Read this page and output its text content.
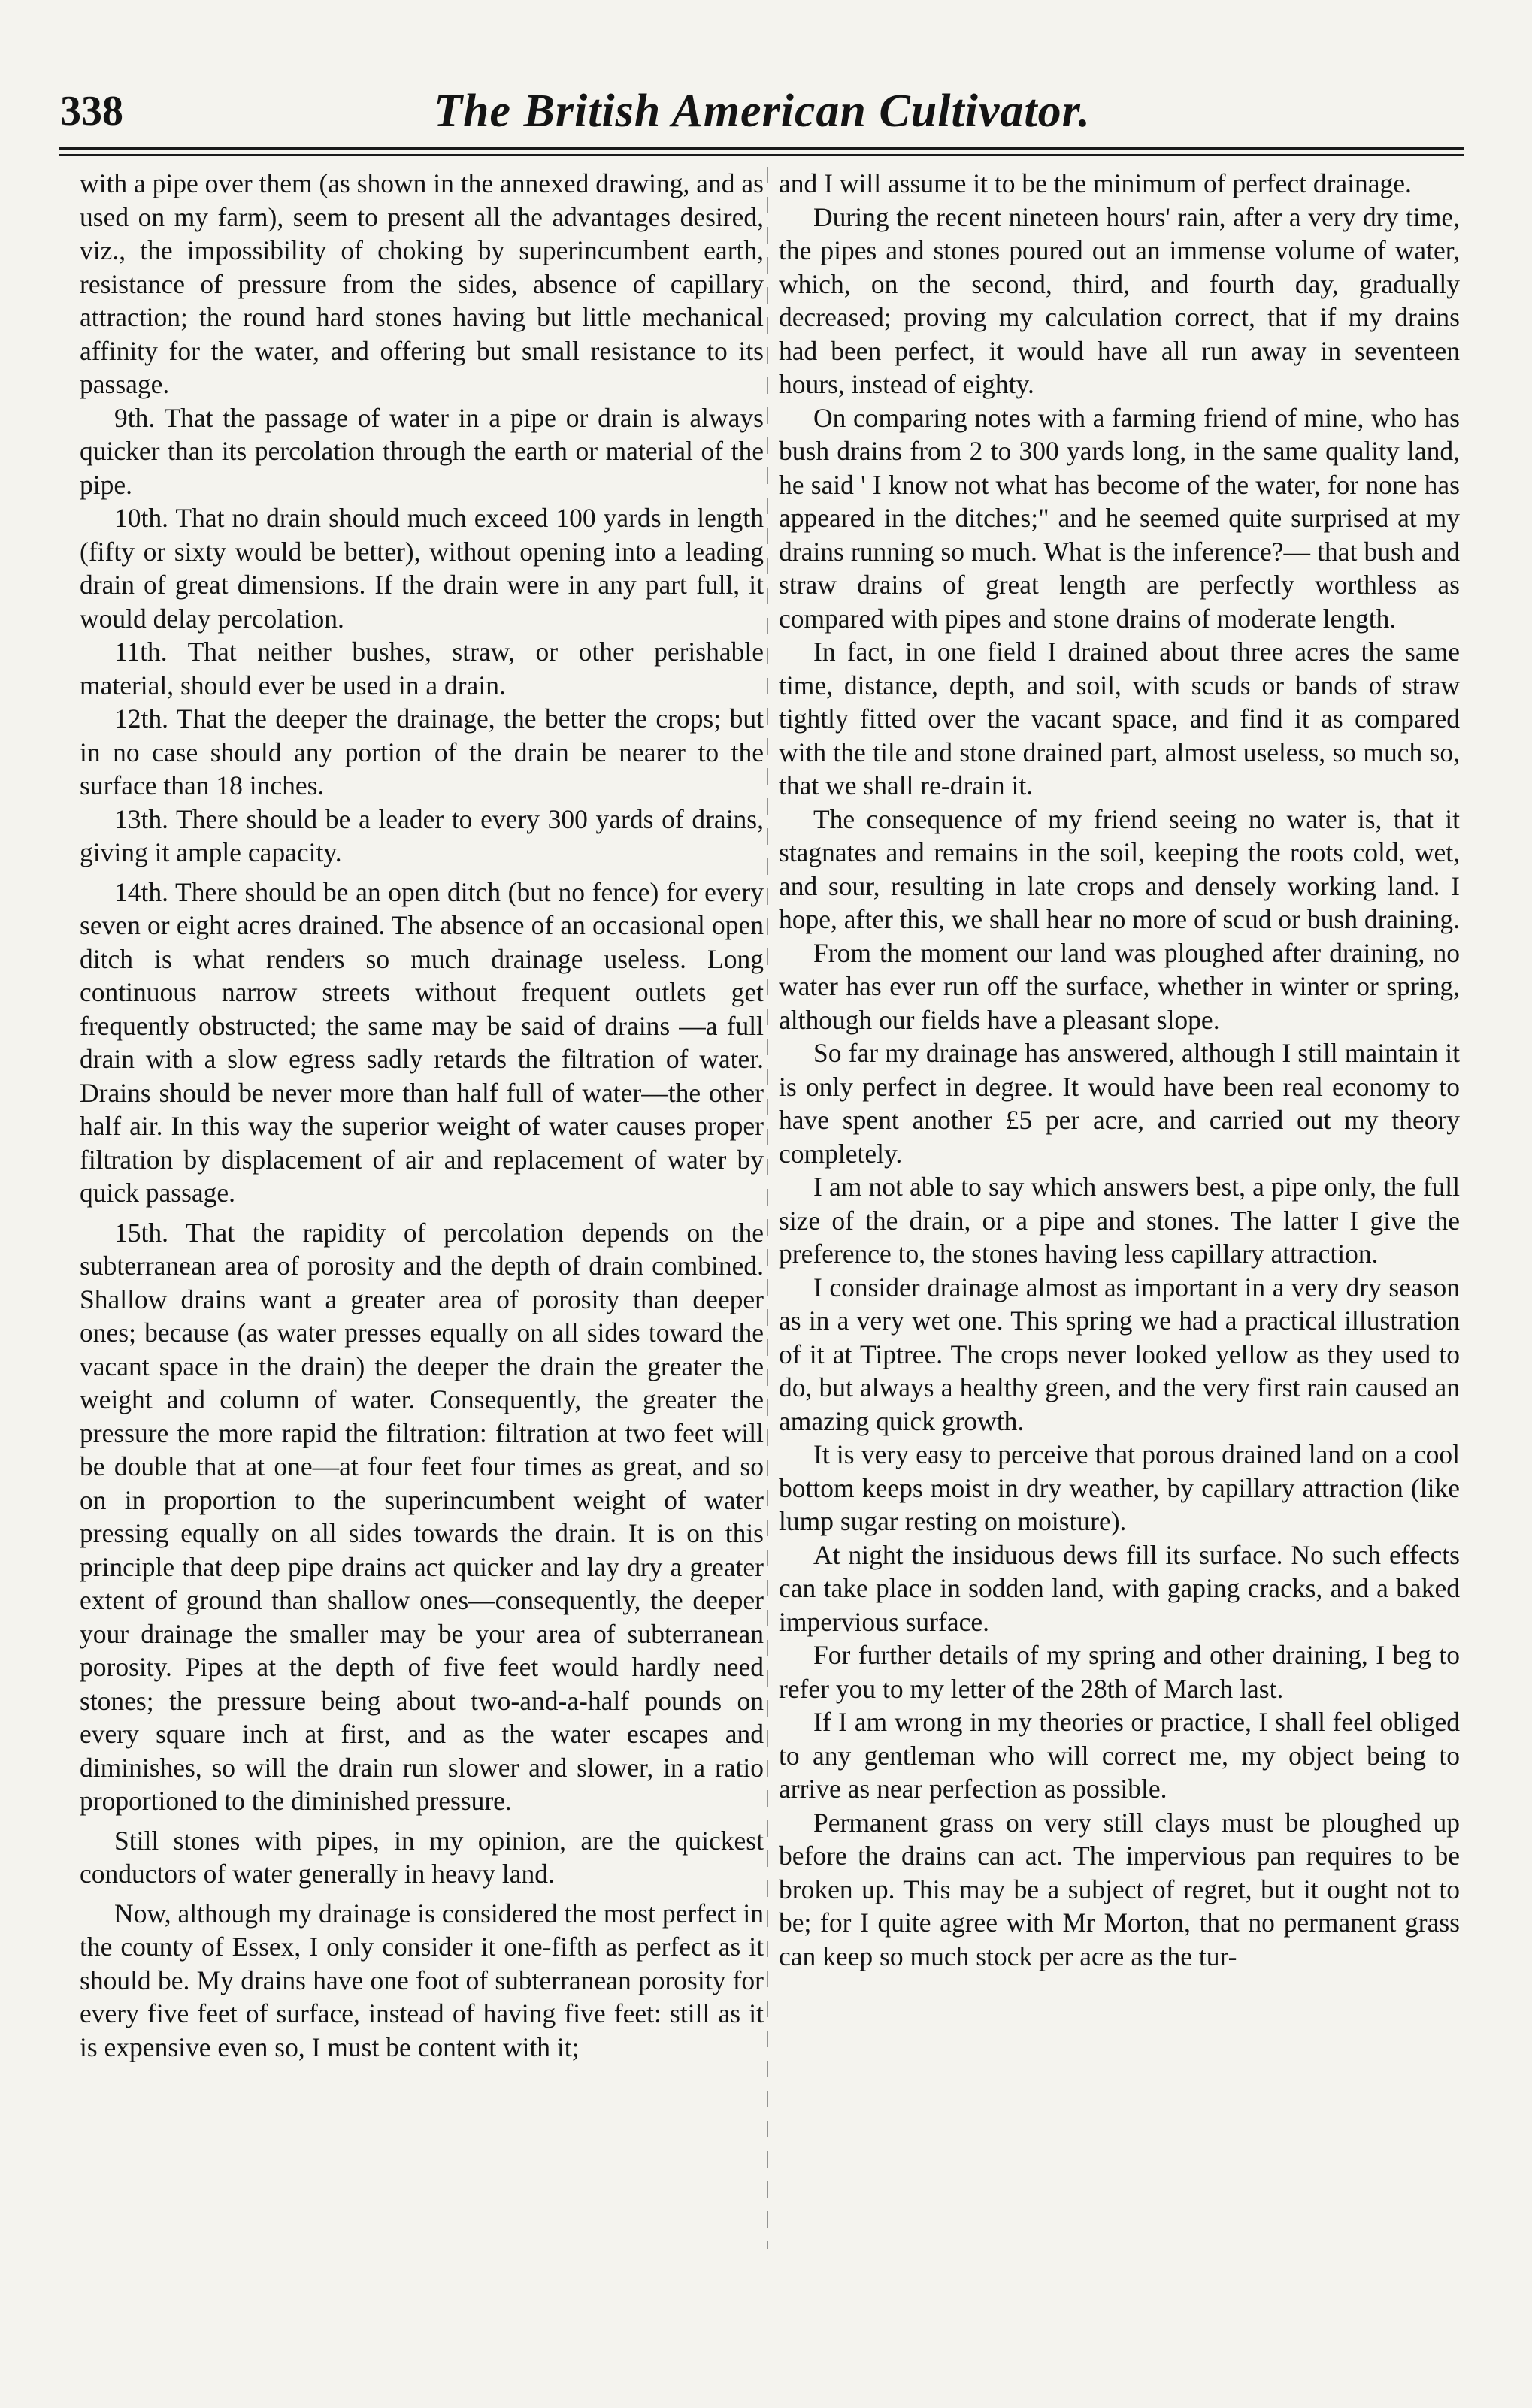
338	The British American Cultivator.

with a pipe over them (as shown in the annexed drawing, and as used on my farm), seem to present all the advantages desired, viz., the impossibility of choking by superincumbent earth, resistance of pressure from the sides, absence of capillary attraction; the round hard stones having but little mechanical affinity for the water, and offering but small resistance to its passage.

9th. That the passage of water in a pipe or drain is always quicker than its percolation through the earth or material of the pipe.

10th. That no drain should much exceed 100 yards in length (fifty or sixty would be better), without opening into a leading drain of great dimensions. If the drain were in any part full, it would delay percolation.

11th. That neither bushes, straw, or other perishable material, should ever be used in a drain.

12th. That the deeper the drainage, the better the crops; but in no case should any portion of the drain be nearer to the surface than 18 inches.

13th. There should be a leader to every 300 yards of drains, giving it ample capacity.

14th. There should be an open ditch (but no fence) for every seven or eight acres drained. The absence of an occasional open ditch is what renders so much drainage useless. Long continuous narrow streets without frequent outlets get frequently obstructed; the same may be said of drains —a full drain with a slow egress sadly retards the filtration of water. Drains should be never more than half full of water—the other half air. In this way the superior weight of water causes proper filtration by displacement of air and replacement of water by quick passage.

15th. That the rapidity of percolation depends on the subterranean area of porosity and the depth of drain combined. Shallow drains want a greater area of porosity than deeper ones; because (as water presses equally on all sides toward the vacant space in the drain) the deeper the drain the greater the weight and column of water. Consequently, the greater the pressure the more rapid the filtration: filtration at two feet will be double that at one—at four feet four times as great, and so on in proportion to the superincumbent weight of water pressing equally on all sides towards the drain. It is on this principle that deep pipe drains act quicker and lay dry a greater extent of ground than shallow ones—consequently, the deeper your drainage the smaller may be your area of subterranean porosity. Pipes at the depth of five feet would hardly need stones; the pressure being about two-and-a-half pounds on every square inch at first, and as the water escapes and diminishes, so will the drain run slower and slower, in a ratio proportioned to the diminished pressure.

Still stones with pipes, in my opinion, are the quickest conductors of water generally in heavy land.

Now, although my drainage is considered the most perfect in the county of Essex, I only consider it one-fifth as perfect as it should be. My drains have one foot of subterranean porosity for every five feet of surface, instead of having five feet: still as it is expensive even so, I must be content with it;

and I will assume it to be the minimum of perfect drainage.

During the recent nineteen hours' rain, after a very dry time, the pipes and stones poured out an immense volume of water, which, on the second, third, and fourth day, gradually decreased; proving my calculation correct, that if my drains had been perfect, it would have all run away in seventeen hours, instead of eighty.

On comparing notes with a farming friend of mine, who has bush drains from 2 to 300 yards long, in the same quality land, he said ' I know not what has become of the water, for none has appeared in the ditches;" and he seemed quite surprised at my drains running so much. What is the inference?— that bush and straw drains of great length are perfectly worthless as compared with pipes and stone drains of moderate length.

In fact, in one field I drained about three acres the same time, distance, depth, and soil, with scuds or bands of straw tightly fitted over the vacant space, and find it as compared with the tile and stone drained part, almost useless, so much so, that we shall re-drain it.

The consequence of my friend seeing no water is, that it stagnates and remains in the soil, keeping the roots cold, wet, and sour, resulting in late crops and densely working land. I hope, after this, we shall hear no more of scud or bush draining.

From the moment our land was ploughed after draining, no water has ever run off the surface, whether in winter or spring, although our fields have a pleasant slope.

So far my drainage has answered, although I still maintain it is only perfect in degree. It would have been real economy to have spent another £5 per acre, and carried out my theory completely.

I am not able to say which answers best, a pipe only, the full size of the drain, or a pipe and stones. The latter I give the preference to, the stones having less capillary attraction.

I consider drainage almost as important in a very dry season as in a very wet one. This spring we had a practical illustration of it at Tiptree. The crops never looked yellow as they used to do, but always a healthy green, and the very first rain caused an amazing quick growth.

It is very easy to perceive that porous drained land on a cool bottom keeps moist in dry weather, by capillary attraction (like lump sugar resting on moisture).

At night the insiduous dews fill its surface. No such effects can take place in sodden land, with gaping cracks, and a baked impervious surface.

For further details of my spring and other draining, I beg to refer you to my letter of the 28th of March last.

If I am wrong in my theories or practice, I shall feel obliged to any gentleman who will correct me, my object being to arrive as near perfection as possible.

Permanent grass on very still clays must be ploughed up before the drains can act. The impervious pan requires to be broken up. This may be a subject of regret, but it ought not to be; for I quite agree with Mr Morton, that no permanent grass can keep so much stock per acre as the tur-
